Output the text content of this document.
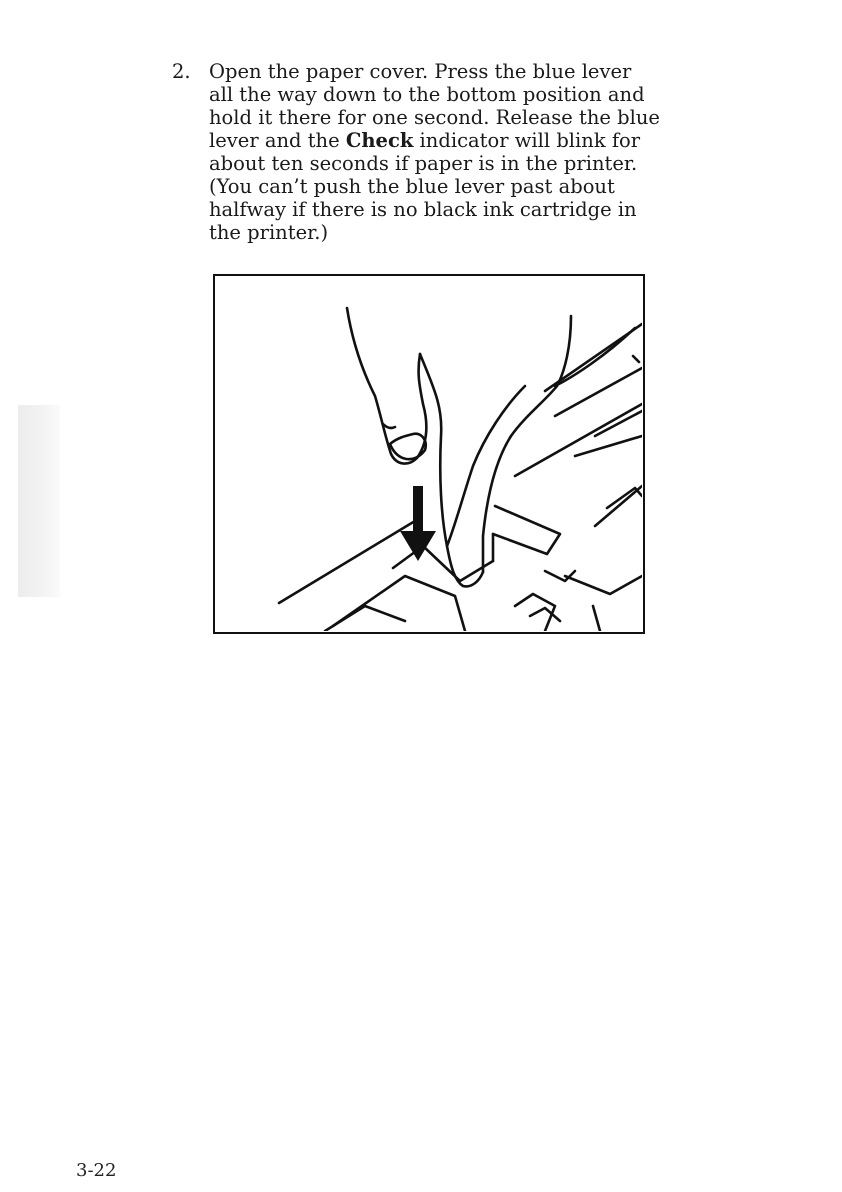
2. Open the paper cover. Press the blue lever
all the way down to the bottom position and
hold it there for one second. Release the blue
lever and the Check indicator will blink for
about ten seconds if paper is in the printer.
(You can’t push the blue lever past about
halfway if there is no black ink cartridge in
the printer.)
3-22
